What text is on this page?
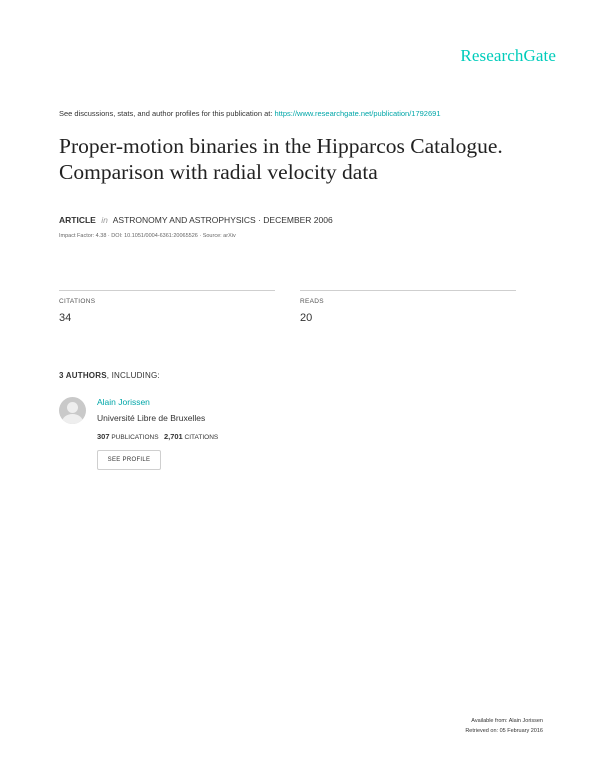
ResearchGate
See discussions, stats, and author profiles for this publication at: https://www.researchgate.net/publication/1792691
Proper-motion binaries in the Hipparcos Catalogue. Comparison with radial velocity data
ARTICLE in ASTRONOMY AND ASTROPHYSICS · DECEMBER 2006
Impact Factor: 4.38 · DOI: 10.1051/0004-6361:20065526 · Source: arXiv
CITATIONS
34
READS
20
3 AUTHORS, INCLUDING:
Alain Jorissen
Université Libre de Bruxelles
307 PUBLICATIONS 2,701 CITATIONS
SEE PROFILE
Available from: Alain Jorissen
Retrieved on: 05 February 2016
